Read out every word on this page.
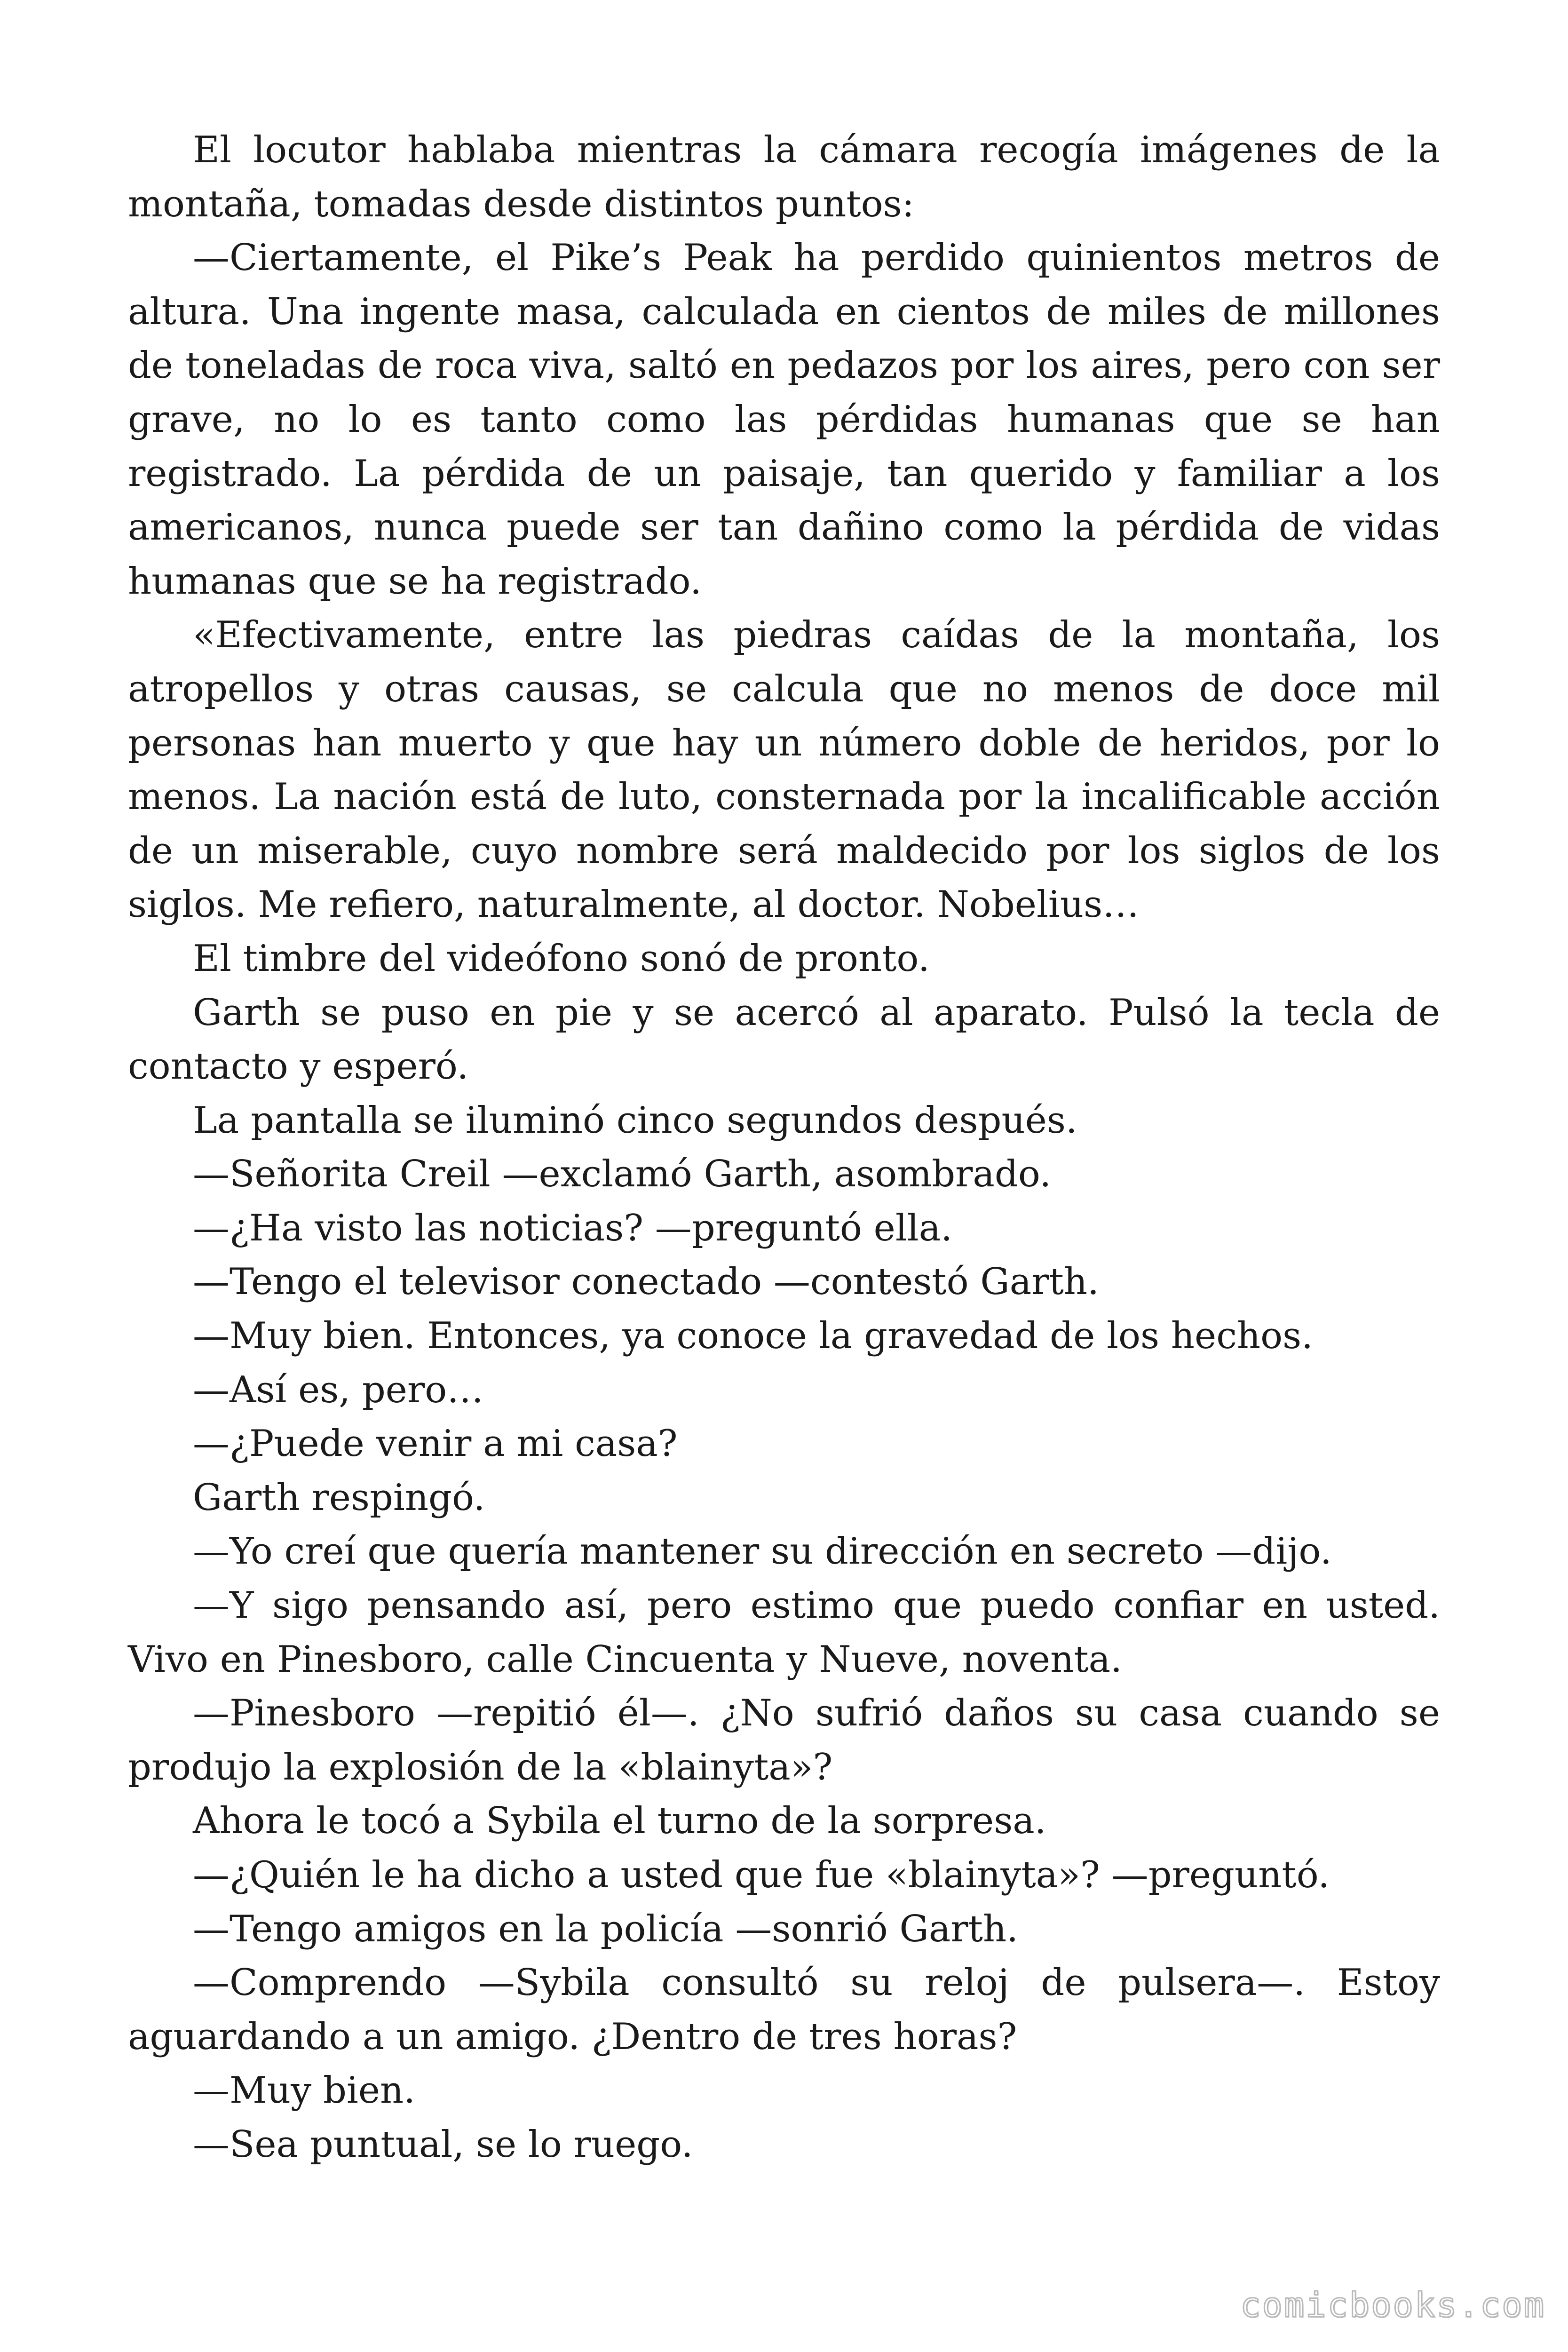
El locutor hablaba mientras la cámara recogía imágenes de la montaña, tomadas desde distintos puntos:

—Ciertamente, el Pike’s Peak ha perdido quinientos metros de altura. Una ingente masa, calculada en cientos de miles de millones de toneladas de roca viva, saltó en pedazos por los aires, pero con ser grave, no lo es tanto como las pérdidas humanas que se han registrado. La pérdida de un paisaje, tan querido y familiar a los americanos, nunca puede ser tan dañino como la pérdida de vidas humanas que se ha registrado.

«Efectivamente, entre las piedras caídas de la montaña, los atropellos y otras causas, se calcula que no menos de doce mil personas han muerto y que hay un número doble de heridos, por lo menos. La nación está de luto, consternada por la incalificable acción de un miserable, cuyo nombre será maldecido por los siglos de los siglos. Me refiero, naturalmente, al doctor. Nobelius…

El timbre del videófono sonó de pronto.

Garth se puso en pie y se acercó al aparato. Pulsó la tecla de contacto y esperó.

La pantalla se iluminó cinco segundos después.

—Señorita Creil —exclamó Garth, asombrado.

—¿Ha visto las noticias? —preguntó ella.

—Tengo el televisor conectado —contestó Garth.

—Muy bien. Entonces, ya conoce la gravedad de los hechos.

—Así es, pero…

—¿Puede venir a mi casa?

Garth respingó.

—Yo creí que quería mantener su dirección en secreto —dijo.

—Y sigo pensando así, pero estimo que puedo confiar en usted. Vivo en Pinesboro, calle Cincuenta y Nueve, noventa.

—Pinesboro —repitió él—. ¿No sufrió daños su casa cuando se produjo la explosión de la «blainyta»?

Ahora le tocó a Sybila el turno de la sorpresa.

—¿Quién le ha dicho a usted que fue «blainyta»? —preguntó.

—Tengo amigos en la policía —sonrió Garth.

—Comprendo —Sybila consultó su reloj de pulsera—. Estoy aguardando a un amigo. ¿Dentro de tres horas?

—Muy bien.

—Sea puntual, se lo ruego.

comicbooks.com
